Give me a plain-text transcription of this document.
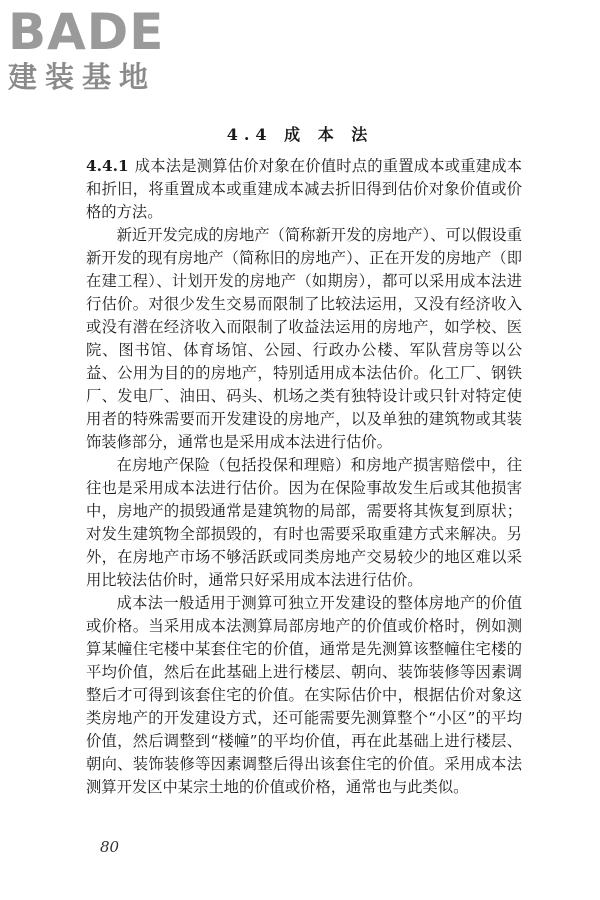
BADE
建装基地
4.4 成 本 法

4.4.1 成本法是测算估价对象在价值时点的重置成本或重建成本和折旧，将重置成本或重建成本减去折旧得到估价对象价值或价格的方法。

新近开发完成的房地产（简称新开发的房地产）、可以假设重新开发的现有房地产（简称旧的房地产）、正在开发的房地产（即在建工程）、计划开发的房地产（如期房），都可以采用成本法进行估价。对很少发生交易而限制了比较法运用，又没有经济收入或没有潜在经济收入而限制了收益法运用的房地产，如学校、医院、图书馆、体育场馆、公园、行政办公楼、军队营房等以公益、公用为目的的房地产，特别适用成本法估价。化工厂、钢铁厂、发电厂、油田、码头、机场之类有独特设计或只针对特定使用者的特殊需要而开发建设的房地产，以及单独的建筑物或其装饰装修部分，通常也是采用成本法进行估价。

在房地产保险（包括投保和理赔）和房地产损害赔偿中，往往也是采用成本法进行估价。因为在保险事故发生后或其他损害中，房地产的损毁通常是建筑物的局部，需要将其恢复到原状；对发生建筑物全部损毁的，有时也需要采取重建方式来解决。另外，在房地产市场不够活跃或同类房地产交易较少的地区难以采用比较法估价时，通常只好采用成本法进行估价。

成本法一般适用于测算可独立开发建设的整体房地产的价值或价格。当采用成本法测算局部房地产的价值或价格时，例如测算某幢住宅楼中某套住宅的价值，通常是先测算该整幢住宅楼的平均价值，然后在此基础上进行楼层、朝向、装饰装修等因素调整后才可得到该套住宅的价值。在实际估价中，根据估价对象这类房地产的开发建设方式，还可能需要先测算整个“小区”的平均价值，然后调整到“楼幢”的平均价值，再在此基础上进行楼层、朝向、装饰装修等因素调整后得出该套住宅的价值。采用成本法测算开发区中某宗土地的价值或价格，通常也与此类似。

80
